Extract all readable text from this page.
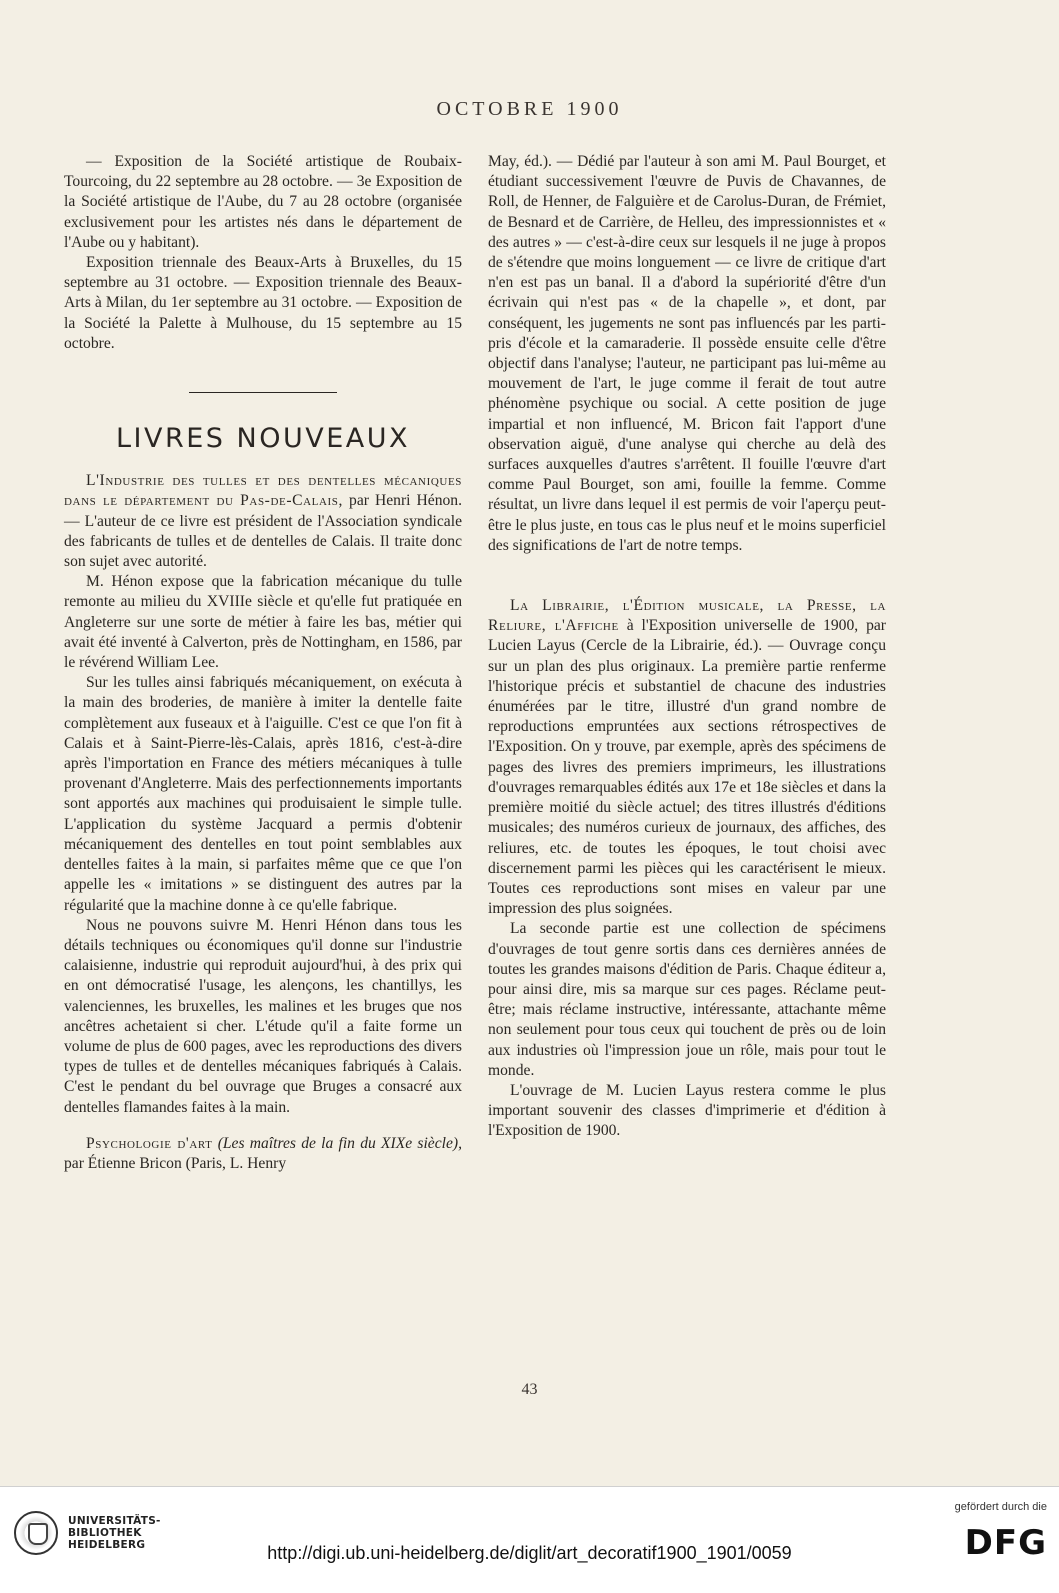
OCTOBRE 1900

— Exposition de la Société artistique de Roubaix-Tourcoing, du 22 septembre au 28 octobre. — 3e Exposition de la Société artistique de l'Aube, du 7 au 28 octobre (organisée exclusivement pour les artistes nés dans le département de l'Aube ou y habitant).

Exposition triennale des Beaux-Arts à Bruxelles, du 15 septembre au 31 octobre. — Exposition triennale des Beaux-Arts à Milan, du 1er septembre au 31 octobre. — Exposition de la Société la Palette à Mulhouse, du 15 septembre au 15 octobre.

LIVRES NOUVEAUX

L'Industrie des tulles et des dentelles mécaniques dans le département du Pas-de-Calais, par Henri Hénon. — L'auteur de ce livre est président de l'Association syndicale des fabricants de tulles et de dentelles de Calais. Il traite donc son sujet avec autorité.

M. Hénon expose que la fabrication mécanique du tulle remonte au milieu du XVIIIe siècle et qu'elle fut pratiquée en Angleterre sur une sorte de métier à faire les bas, métier qui avait été inventé à Calverton, près de Nottingham, en 1586, par le révérend William Lee.

Sur les tulles ainsi fabriqués mécaniquement, on exécuta à la main des broderies, de manière à imiter la dentelle faite complètement aux fuseaux et à l'aiguille. C'est ce que l'on fit à Calais et à Saint-Pierre-lès-Calais, après 1816, c'est-à-dire après l'importation en France des métiers mécaniques à tulle provenant d'Angleterre. Mais des perfectionnements importants sont apportés aux machines qui produisaient le simple tulle. L'application du système Jacquard a permis d'obtenir mécaniquement des dentelles en tout point semblables aux dentelles faites à la main, si parfaites même que ce que l'on appelle les « imitations » se distinguent des autres par la régularité que la machine donne à ce qu'elle fabrique.

Nous ne pouvons suivre M. Henri Hénon dans tous les détails techniques ou économiques qu'il donne sur l'industrie calaisienne, industrie qui reproduit aujourd'hui, à des prix qui en ont démocratisé l'usage, les alençons, les chantillys, les valenciennes, les bruxelles, les malines et les bruges que nos ancêtres achetaient si cher. L'étude qu'il a faite forme un volume de plus de 600 pages, avec les reproductions des divers types de tulles et de dentelles mécaniques fabriqués à Calais. C'est le pendant du bel ouvrage que Bruges a consacré aux dentelles flamandes faites à la main.

Psychologie d'art (Les maîtres de la fin du XIXe siècle), par Étienne Bricon (Paris, L. Henry

May, éd.). — Dédié par l'auteur à son ami M. Paul Bourget, et étudiant successivement l'œuvre de Puvis de Chavannes, de Roll, de Henner, de Falguière et de Carolus-Duran, de Frémiet, de Besnard et de Carrière, de Helleu, des impressionnistes et « des autres » — c'est-à-dire ceux sur lesquels il ne juge à propos de s'étendre que moins longuement — ce livre de critique d'art n'en est pas un banal. Il a d'abord la supériorité d'être d'un écrivain qui n'est pas « de la chapelle », et dont, par conséquent, les jugements ne sont pas influencés par les parti-pris d'école et la camaraderie. Il possède ensuite celle d'être objectif dans l'analyse; l'auteur, ne participant pas lui-même au mouvement de l'art, le juge comme il ferait de tout autre phénomène psychique ou social. A cette position de juge impartial et non influencé, M. Bricon fait l'apport d'une observation aiguë, d'une analyse qui cherche au delà des surfaces auxquelles d'autres s'arrêtent. Il fouille l'œuvre d'art comme Paul Bourget, son ami, fouille la femme. Comme résultat, un livre dans lequel il est permis de voir l'aperçu peut-être le plus juste, en tous cas le plus neuf et le moins superficiel des significations de l'art de notre temps.

La Librairie, l'Édition musicale, la Presse, la Reliure, l'Affiche à l'Exposition universelle de 1900, par Lucien Layus (Cercle de la Librairie, éd.). — Ouvrage conçu sur un plan des plus originaux. La première partie renferme l'historique précis et substantiel de chacune des industries énumérées par le titre, illustré d'un grand nombre de reproductions empruntées aux sections rétrospectives de l'Exposition. On y trouve, par exemple, après des spécimens de pages des livres des premiers imprimeurs, les illustrations d'ouvrages remarquables édités aux 17e et 18e siècles et dans la première moitié du siècle actuel; des titres illustrés d'éditions musicales; des numéros curieux de journaux, des affiches, des reliures, etc. de toutes les époques, le tout choisi avec discernement parmi les pièces qui les caractérisent le mieux. Toutes ces reproductions sont mises en valeur par une impression des plus soignées.

La seconde partie est une collection de spécimens d'ouvrages de tout genre sortis dans ces dernières années de toutes les grandes maisons d'édition de Paris. Chaque éditeur a, pour ainsi dire, mis sa marque sur ces pages. Réclame peut-être; mais réclame instructive, intéressante, attachante même non seulement pour tous ceux qui touchent de près ou de loin aux industries où l'impression joue un rôle, mais pour tout le monde.

L'ouvrage de M. Lucien Layus restera comme le plus important souvenir des classes d'imprimerie et d'édition à l'Exposition de 1900.

43
UNIVERSITÄTS-
BIBLIOTHEK
HEIDELBERG	http://digi.ub.uni-heidelberg.de/diglit/art_decoratif1900_1901/0059
gefördert durch die
DFG
